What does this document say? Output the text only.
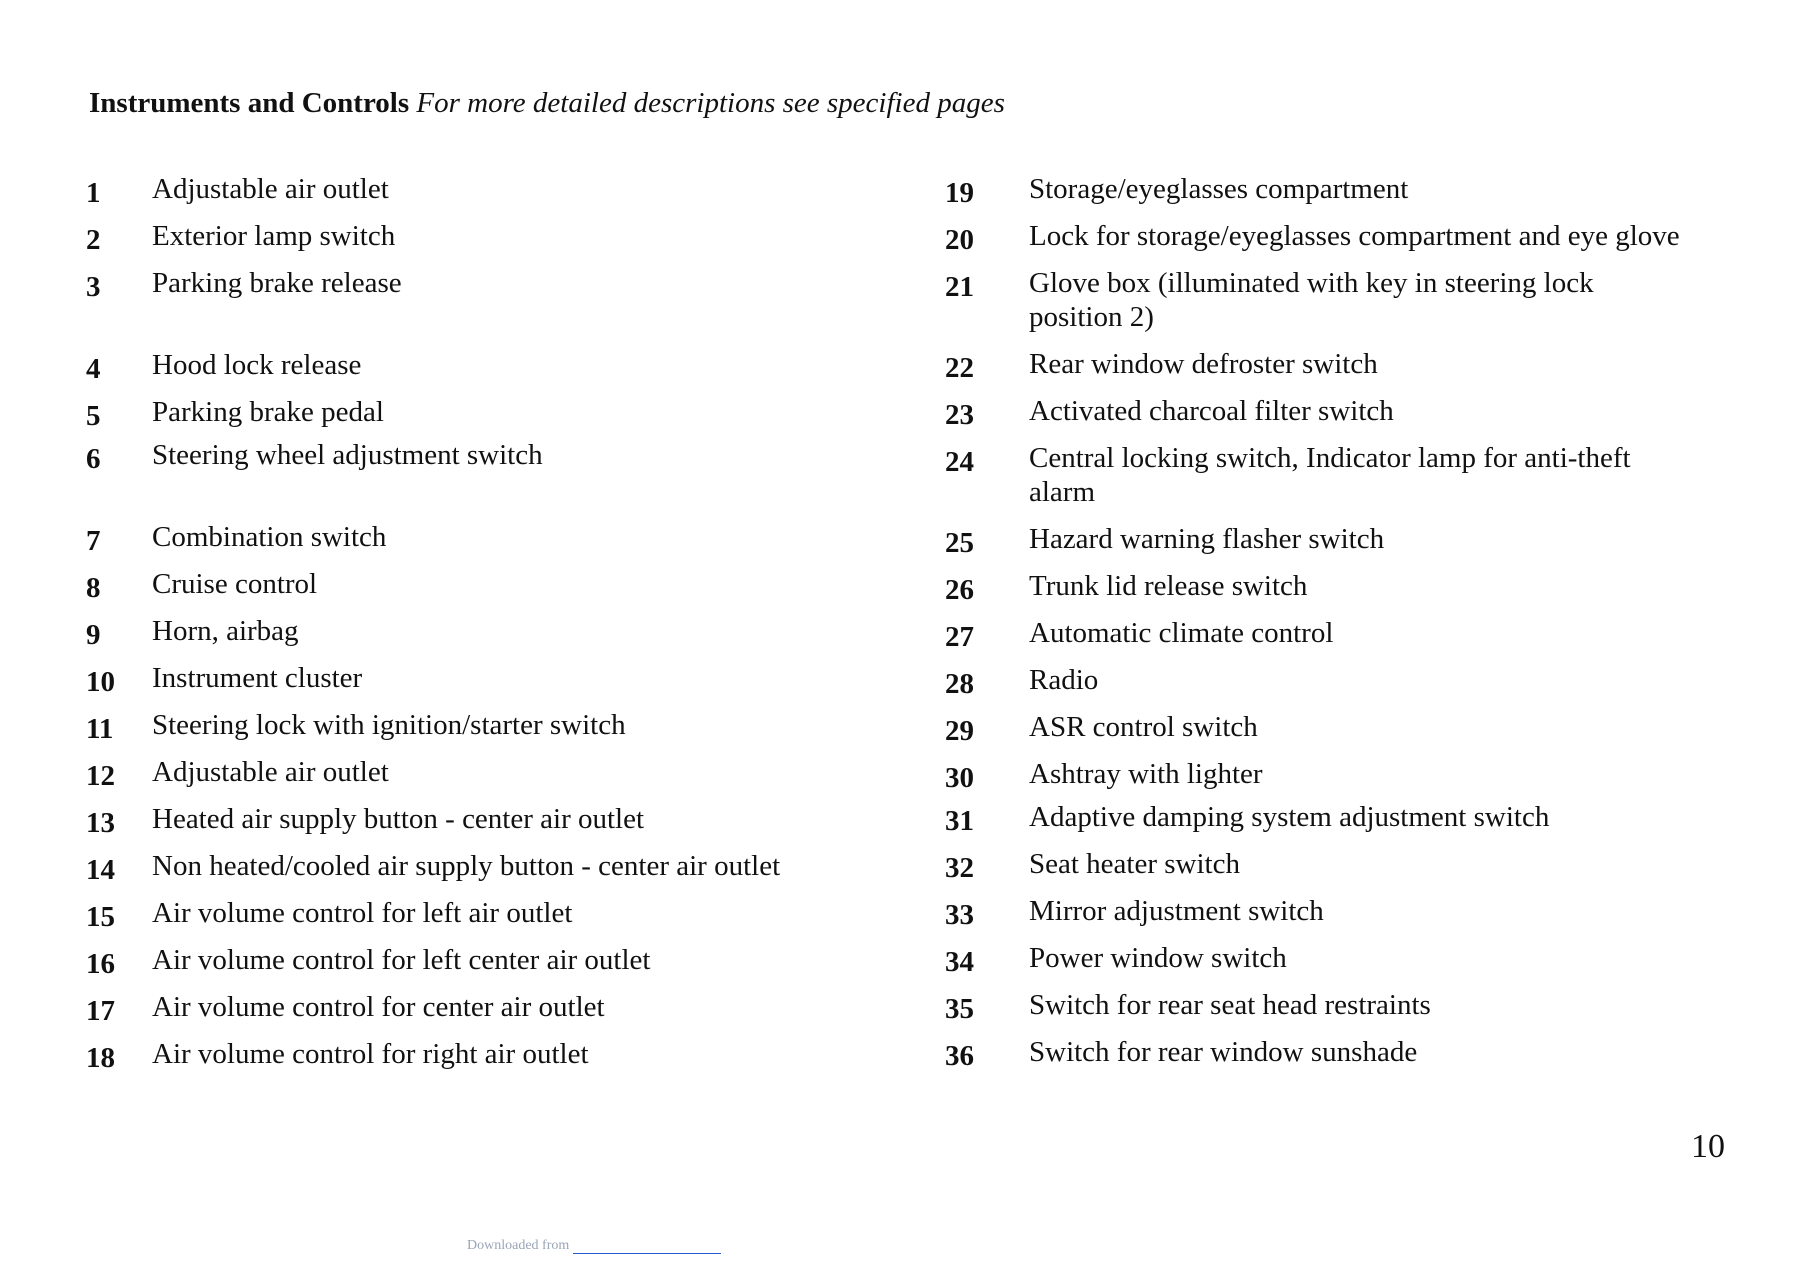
Instruments and Controls For more detailed descriptions see specified pages
1 Adjustable air outlet
2 Exterior lamp switch
3 Parking brake release
4 Hood lock release
5 Parking brake pedal
6 Steering wheel adjustment switch
7 Combination switch
8 Cruise control
9 Horn, airbag
10 Instrument cluster
11 Steering lock with ignition/starter switch
12 Adjustable air outlet
13 Heated air supply button - center air outlet
14 Non heated/cooled air supply button - center air outlet
15 Air volume control for left air outlet
16 Air volume control for left center air outlet
17 Air volume control for center air outlet
18 Air volume control for right air outlet
19 Storage/eyeglasses compartment
20 Lock for storage/eyeglasses compartment and eye glove
21 Glove box (illuminated with key in steering lock position 2)
22 Rear window defroster switch
23 Activated charcoal filter switch
24 Central locking switch, Indicator lamp for anti-theft alarm
25 Hazard warning flasher switch
26 Trunk lid release switch
27 Automatic climate control
28 Radio
29 ASR control switch
30 Ashtray with lighter
31 Adaptive damping system adjustment switch
32 Seat heater switch
33 Mirror adjustment switch
34 Power window switch
35 Switch for rear seat head restraints
36 Switch for rear window sunshade
10
Downloaded from
